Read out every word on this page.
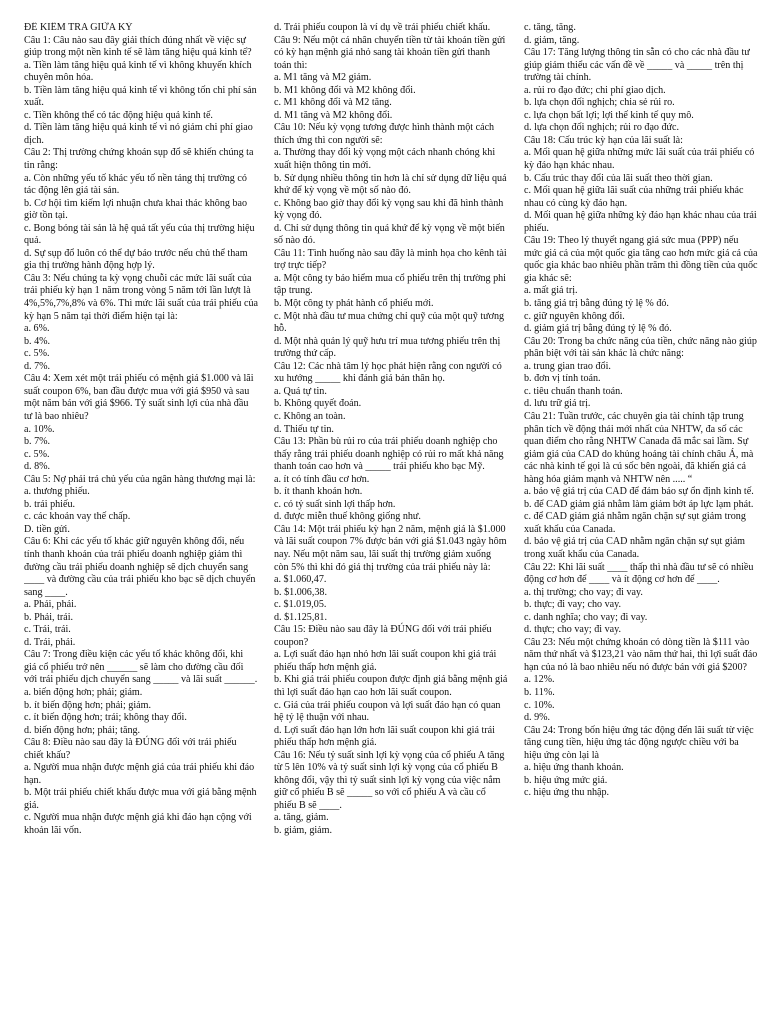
ĐỀ KIỂM TRA GIỮA KỲ
Câu 1: Câu nào sau đây giải thích đúng nhất về việc sự giúp trong một nền kinh tế sẽ làm tăng hiệu quả kinh tế?
a. Tiền làm tăng hiệu quả kinh tế vì không khuyến khích chuyên môn hóa.
b. Tiền làm tăng hiệu quả kinh tế vì không tốn chi phí sản xuất.
c. Tiền không thể có tác động hiệu quả kinh tế.
d. Tiền làm tăng hiệu quả kinh tế vì nó giảm chi phí giao dịch.
Câu 2: Thị trường chứng khoán sụp đổ sẽ khiến chúng ta tin rằng:
a. Còn những yếu tố khác yếu tố nền tảng thị trường có tác động lên giá tài sản.
b. Cơ hội tìm kiếm lợi nhuận chưa khai thác không bao giờ tồn tại.
c. Bong bóng tài sản là hệ quả tất yếu của thị trường hiệu quả.
d. Sự sụp đổ luôn có thể dự báo trước nếu chủ thể tham gia thị trường hành động hợp lý.
Câu 3: Nếu chúng ta kỳ vọng chuỗi các mức lãi suất của trái phiếu kỳ hạn 1 năm trong vòng 5 năm tới lần lượt là 4%,5%,7%,8% và 6%. Thì mức lãi suất của trái phiếu của kỳ hạn 5 năm tại thời điểm hiện tại là:
a. 6%.
b. 4%.
c. 5%.
d. 7%.
Câu 4: Xem xét một trái phiếu có mệnh giá $1.000 và lãi suất coupon 6%, ban đầu được mua với giá $950 và sau một năm bán với giá $966. Tỷ suất sinh lợi của nhà đầu tư là bao nhiêu?
a. 10%.
b. 7%.
c. 5%.
d. 8%.
Câu 5: Nợ phải trả chủ yếu của ngân hàng thương mại là:
a. thương phiếu.
b. trái phiếu.
c. các khoản vay thế chấp.
D. tiền gửi.
Câu 6: Khi các yếu tố khác giữ nguyên không đổi, nếu tính thanh khoản của trái phiếu doanh nghiệp giảm thì đường cầu trái phiếu doanh nghiệp sẽ dịch chuyển sang ____ và đường cầu của trái phiếu kho bạc sẽ dịch chuyển sang ____.
a. Phải, phải.
b. Phải, trái.
c. Trái, trái.
d. Trái, phải.
Câu 7: Trong điều kiện các yếu tố khác không đổi, khi giá cổ phiếu trở nên ______ sẽ làm cho đường cầu đối với trái phiếu dịch chuyển sang _____ và lãi suất ______.
a. biến động hơn; phải; giảm.
b. ít biến động hơn; phải; giảm.
c. ít biến động hơn; trái; không thay đổi.
d. biến động hơn; phải; tăng.
Câu 8: Điều nào sau đây là ĐÚNG đối với trái phiếu chiết khấu?
a. Người mua nhận được mệnh giá của trái phiếu khi đáo hạn.
b. Một trái phiếu chiết khấu được mua với giá bằng mệnh giá.
c. Người mua nhận được mệnh giá khi đáo hạn cộng với khoản lãi vốn.
d. Trái phiếu coupon là ví dụ về trái phiếu chiết khấu.
Câu 9: Nếu một cá nhân chuyển tiền từ tài khoản tiền gửi có kỳ hạn mệnh giá nhỏ sang tài khoản tiền gửi thanh toán thì:
a. M1 tăng và M2 giảm.
b. M1 không đổi và M2 không đổi.
c. M1 không đổi và M2 tăng.
d. M1 tăng và M2 không đổi.
Câu 10: Nếu kỳ vọng tương được hình thành một cách thích ứng thì con người sẽ:
a. Thường thay đổi kỳ vọng một cách nhanh chóng khi xuất hiện thông tin mới.
b. Sử dụng nhiều thông tin hơn là chỉ sử dụng dữ liệu quá khứ để kỳ vọng về một số nào đó.
c. Không bao giờ thay đổi kỳ vọng sau khi đã hình thành kỳ vọng đó.
d. Chỉ sử dụng thông tin quá khứ để kỳ vọng về một biến số nào đó.
Câu 11: Tình huống nào sau đây là minh họa cho kênh tài trợ trực tiếp?
a. Một công ty bảo hiểm mua cổ phiếu trên thị trường phi tập trung.
b. Một công ty phát hành cổ phiếu mới.
c. Một nhà đầu tư mua chứng chỉ quỹ của một quỹ tương hỗ.
d. Một nhà quản lý quỹ hưu trí mua tương phiếu trên thị trường thứ cấp.
Câu 12: Các nhà tâm lý học phát hiện rằng con người có xu hướng _____ khi đánh giá bản thân họ.
a. Quá tự tin.
b. Không quyết đoán.
c. Không an toàn.
d. Thiếu tự tin.
Câu 13: Phần bù rủi ro của trái phiếu doanh nghiệp cho thấy rằng trái phiếu doanh nghiệp có rủi ro mất khả năng thanh toán cao hơn và _____ trái phiếu kho bạc Mỹ.
a. ít có tính đầu cơ hơn.
b. ít thanh khoản hơn.
c. có tỷ suất sinh lợi thấp hơn.
d. được miễn thuế không giống như.
Câu 14: Một trái phiếu kỳ hạn 2 năm, mệnh giá là $1.000 và lãi suất coupon 7% được bán với giá $1.043 ngày hôm nay. Nếu một năm sau, lãi suất thị trường giảm xuống còn 5% thì khi đó giá thị trường của trái phiếu này là:
a. $1.060,47.
b. $1.006,38.
c. $1.019,05.
d. $1.125,81.
Câu 15: Điều nào sau đây là ĐÚNG đối với trái phiếu coupon?
a. Lợi suất đáo hạn nhỏ hơn lãi suất coupon khi giá trái phiếu thấp hơn mệnh giá.
b. Khi giá trái phiếu coupon được định giá bằng mệnh giá thì lợi suất đáo hạn cao hơn lãi suất coupon.
c. Giá của trái phiếu coupon và lợi suất đáo hạn có quan hệ tỷ lệ thuận với nhau.
d. Lợi suất đáo hạn lớn hơn lãi suất coupon khi giá trái phiếu thấp hơn mệnh giá.
Câu 16: Nếu tỷ suất sinh lợi kỳ vọng của cổ phiếu A tăng từ 5 lên 10% và tỷ suất sinh lợi kỳ vọng của cổ phiếu B không đổi, vậy thì tỷ suất sinh lợi kỳ vọng của việc nắm giữ cổ phiếu B sẽ _____ so với cổ phiếu A và cầu cổ phiếu B sẽ ____.
a. tăng, giảm.
b. giảm, giảm.
c. tăng, tăng.
d. giảm, tăng.
Câu 17: Tăng lượng thông tin sẵn có cho các nhà đầu tư giúp giảm thiểu các vấn đề về _____ và _____ trên thị trường tài chính.
a. rủi ro đạo đức; chi phí giao dịch.
b. lựa chọn đối nghịch; chia sẻ rủi ro.
c. lựa chọn bất lợi; lợi thế kinh tế quy mô.
d. lựa chọn đối nghịch; rủi ro đạo đức.
Câu 18: Cấu trúc kỳ hạn của lãi suất là:
a. Mối quan hệ giữa những mức lãi suất của trái phiếu có kỳ đáo hạn khác nhau.
b. Cấu trúc thay đổi của lãi suất theo thời gian.
c. Mối quan hệ giữa lãi suất của những trái phiếu khác nhau có cùng kỳ đáo hạn.
d. Mối quan hệ giữa những kỳ đáo hạn khác nhau của trái phiếu.
Câu 19: Theo lý thuyết ngang giá sức mua (PPP) nếu mức giá cả của một quốc gia tăng cao hơn mức giá cả của quốc gia khác bao nhiêu phần trăm thì đồng tiền của quốc gia khác sẽ:
a. mất giá trị.
b. tăng giá trị bằng đúng tỷ lệ % đó.
c. giữ nguyên không đổi.
d. giảm giá trị bằng đúng tỷ lệ % đó.
Câu 20: Trong ba chức năng của tiền, chức năng nào giúp phân biệt với tài sản khác là chức năng:
a. trung gian trao đổi.
b. đơn vị tính toán.
c. tiêu chuẩn thanh toán.
d. lưu trữ giá trị.
Câu 21: Tuần trước, các chuyên gia tài chính tập trung phân tích về động thái mới nhất của NHTW, đa số các quan điểm cho rằng NHTW Canada đã mắc sai lầm. Sự giảm giá của CAD do khủng hoảng tài chính châu Á, mà các nhà kinh tế gọi là cú sốc bên ngoài, đã khiến giá cả hàng hóa giảm mạnh và NHTW nên ..... “
a. bảo vệ giá trị của CAD để đảm bảo sự ổn định kinh tế.
b. để CAD giảm giá nhằm làm giảm bớt áp lực lạm phát.
c. để CAD giảm giá nhằm ngăn chặn sự sụt giảm trong xuất khẩu của Canada.
d. bảo vệ giá trị của CAD nhằm ngăn chặn sự sụt giảm trong xuất khẩu của Canada.
Câu 22: Khi lãi suất ____ thấp thì nhà đầu tư sẽ có nhiều động cơ hơn để ____ và ít động cơ hơn để ____.
a. thị trường; cho vay; đi vay.
b. thực; đi vay; cho vay.
c. danh nghĩa; cho vay; đi vay.
d. thực; cho vay; đi vay.
Câu 23: Nếu một chứng khoán có dòng tiền là $111 vào năm thứ nhất và $123,21 vào năm thứ hai, thì lợi suất đáo hạn của nó là bao nhiêu nếu nó được bán với giá $200?
a. 12%.
b. 11%.
c. 10%.
d. 9%.
Câu 24: Trong bốn hiệu ứng tác động đến lãi suất từ việc tăng cung tiền, hiệu ứng tác động ngược chiều với ba hiệu ứng còn lại là
a. hiệu ứng thanh khoản.
b. hiệu ứng mức giá.
c. hiệu ứng thu nhập.
